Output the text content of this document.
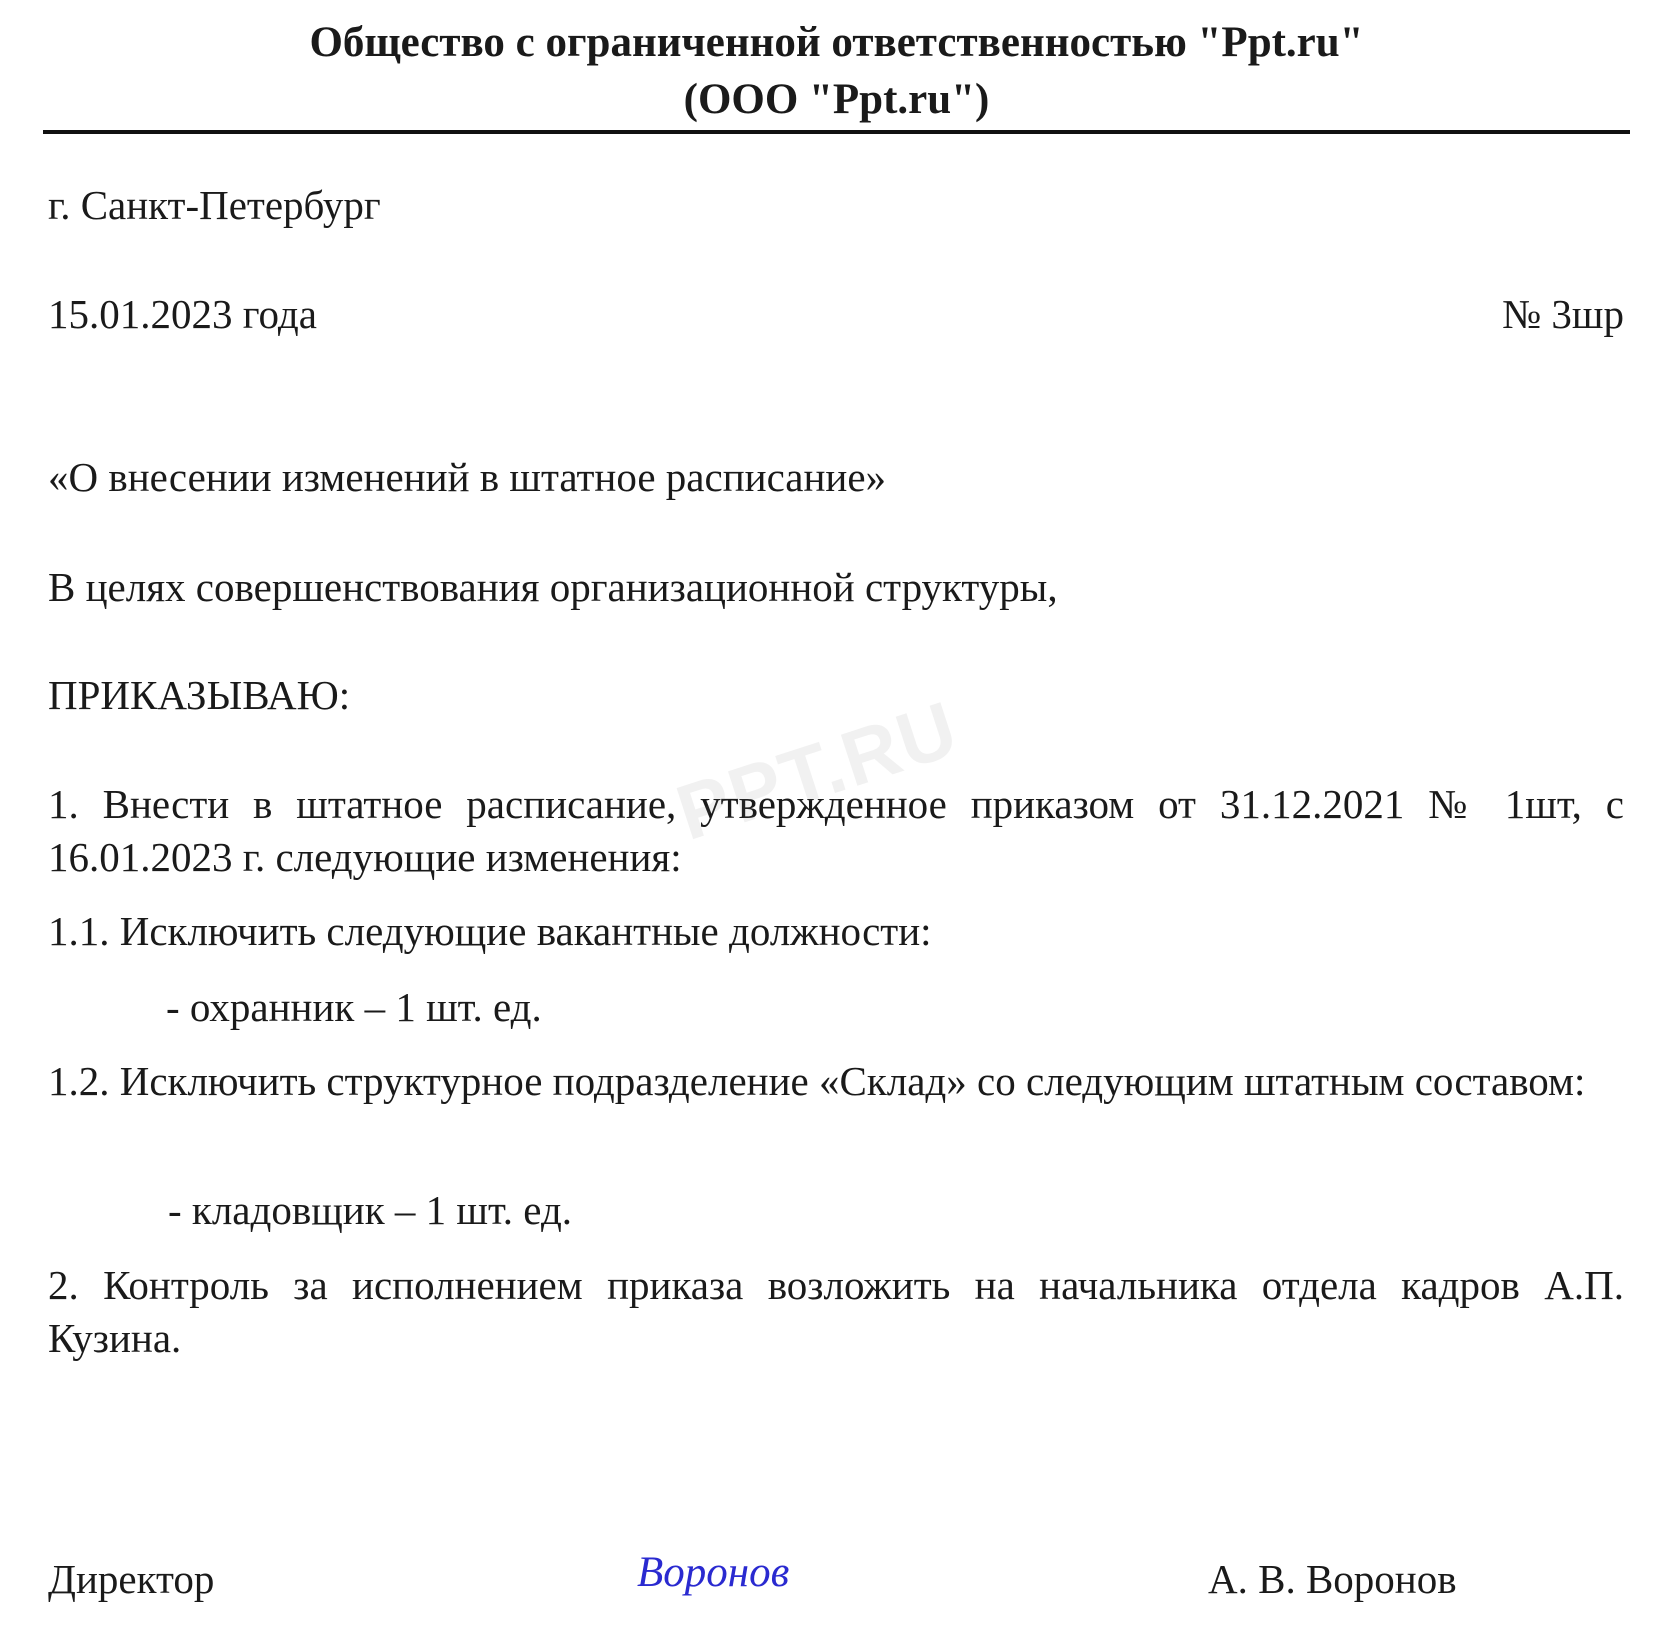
Общество с ограниченной ответственностью "Ppt.ru"
(ООО "Ppt.ru")
г. Санкт-Петербург
15.01.2023 года	№ 3шр
«О внесении изменений в штатное расписание»
В целях совершенствования организационной структуры,
ПРИКАЗЫВАЮ:
1. Внести в штатное расписание, утвержденное приказом от 31.12.2021 № 1шт, с 16.01.2023 г. следующие изменения:
1.1. Исключить следующие вакантные должности:
- охранник – 1 шт. ед.
1.2. Исключить структурное подразделение «Склад» со следующим штатным составом:
- кладовщик – 1 шт. ед.
2. Контроль за исполнением приказа возложить на начальника отдела кадров А.П. Кузина.
Директор	Воронов	А. В. Воронов
PPT.RU
